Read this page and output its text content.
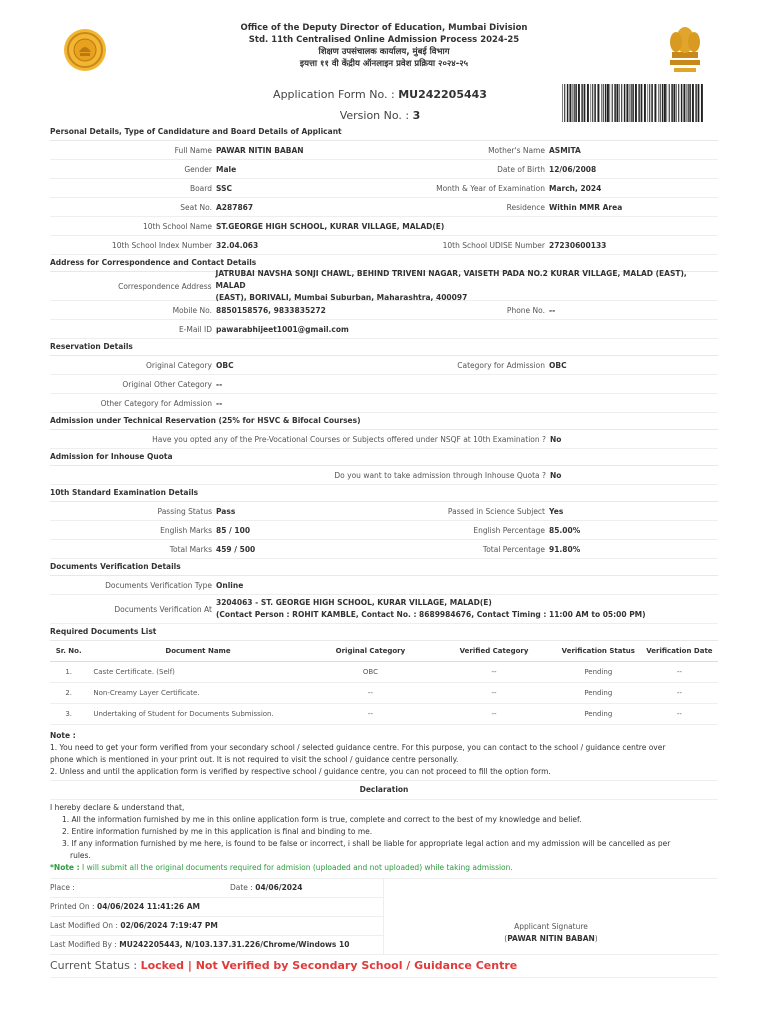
Office of the Deputy Director of Education, Mumbai Division
Std. 11th Centralised Online Admission Process 2024-25
शिक्षण उपसंचालक कार्यालय, मुंबई विभाग
इयत्ता ११ वी केंद्रीय ऑनलाइन प्रवेश प्रक्रिया २०२४-२५
Application Form No. : MU242205443
Version No. : 3
Personal Details, Type of Candidature and Board Details of Applicant
Full Name PAWAR NITIN BABAN	Mother's Name ASMITA
Gender Male	Date of Birth 12/06/2008
Board SSC	Month & Year of Examination March, 2024
Seat No. A287867	Residence Within MMR Area
10th School Name ST.GEORGE HIGH SCHOOL, KURAR VILLAGE, MALAD(E)
10th School Index Number 32.04.063	10th School UDISE Number 27230600133
Address for Correspondence and Contact Details
Correspondence Address
JATRUBAI NAVSHA SONJI CHAWL, BEHIND TRIVENI NAGAR, VAISETH PADA NO.2 KURAR VILLAGE, MALAD (EAST), MALAD
(EAST), BORIVALI, Mumbai Suburban, Maharashtra, 400097
Mobile No. 8850158576, 9833835272	Phone No. --
E-Mail ID pawarabhijeet1001@gmail.com
Reservation Details
Original Category OBC	Category for Admission OBC
Original Other Category --
Other Category for Admission --
Admission under Technical Reservation (25% for HSVC & Bifocal Courses)
Have you opted any of the Pre-Vocational Courses or Subjects offered under NSQF at 10th Examination ? No
Admission for Inhouse Quota
Do you want to take admission through Inhouse Quota ? No
10th Standard Examination Details
Passing Status Pass	Passed in Science Subject Yes
English Marks 85 / 100	English Percentage 85.00%
Total Marks 459 / 500	Total Percentage 91.80%
Documents Verification Details
Documents Verification Type Online
Documents Verification At
3204063 - ST. GEORGE HIGH SCHOOL, KURAR VILLAGE, MALAD(E)
(Contact Person : ROHIT KAMBLE, Contact No. : 8689984676, Contact Timing : 11:00 AM to 05:00 PM)
Required Documents List
Sr. No.	Document Name	Original Category	Verified Category	Verification Status	Verification Date
1.	Caste Certificate. (Self)	OBC	--	Pending	--
2.	Non-Creamy Layer Certificate.	--	--	Pending	--
3.	Undertaking of Student for Documents Submission.	--	--	Pending	--
Note :
1. You need to get your form verified from your secondary school / selected guidance centre. For this purpose, you can contact to the school / guidance centre over
phone which is mentioned in your print out. It is not required to visit the school / guidance centre personally.
2. Unless and until the application form is verified by respective school / guidance centre, you can not proceed to fill the option form.
Declaration
I hereby declare & understand that,
1. All the information furnished by me in this online application form is true, complete and correct to the best of my knowledge and belief.
2. Entire information furnished by me in this application is final and binding to me.
3. If any information furnished by me here, is found to be false or incorrect, i shall be liable for appropriate legal action and my admission will be cancelled as per
rules.
*Note : I will submit all the original documents required for admision (uploaded and not uploaded) while taking admission.
Place :	Date :
04/06/2024
Printed On : 04/06/2024 11:41:26 AM
Last Modified On : 02/06/2024 7:19:47 PM
Last Modified By : MU242205443, N/103.137.31.226/Chrome/Windows 10
Applicant Signature
(PAWAR NITIN BABAN)
Current Status : Locked | Not Verified by Secondary School / Guidance Centre
